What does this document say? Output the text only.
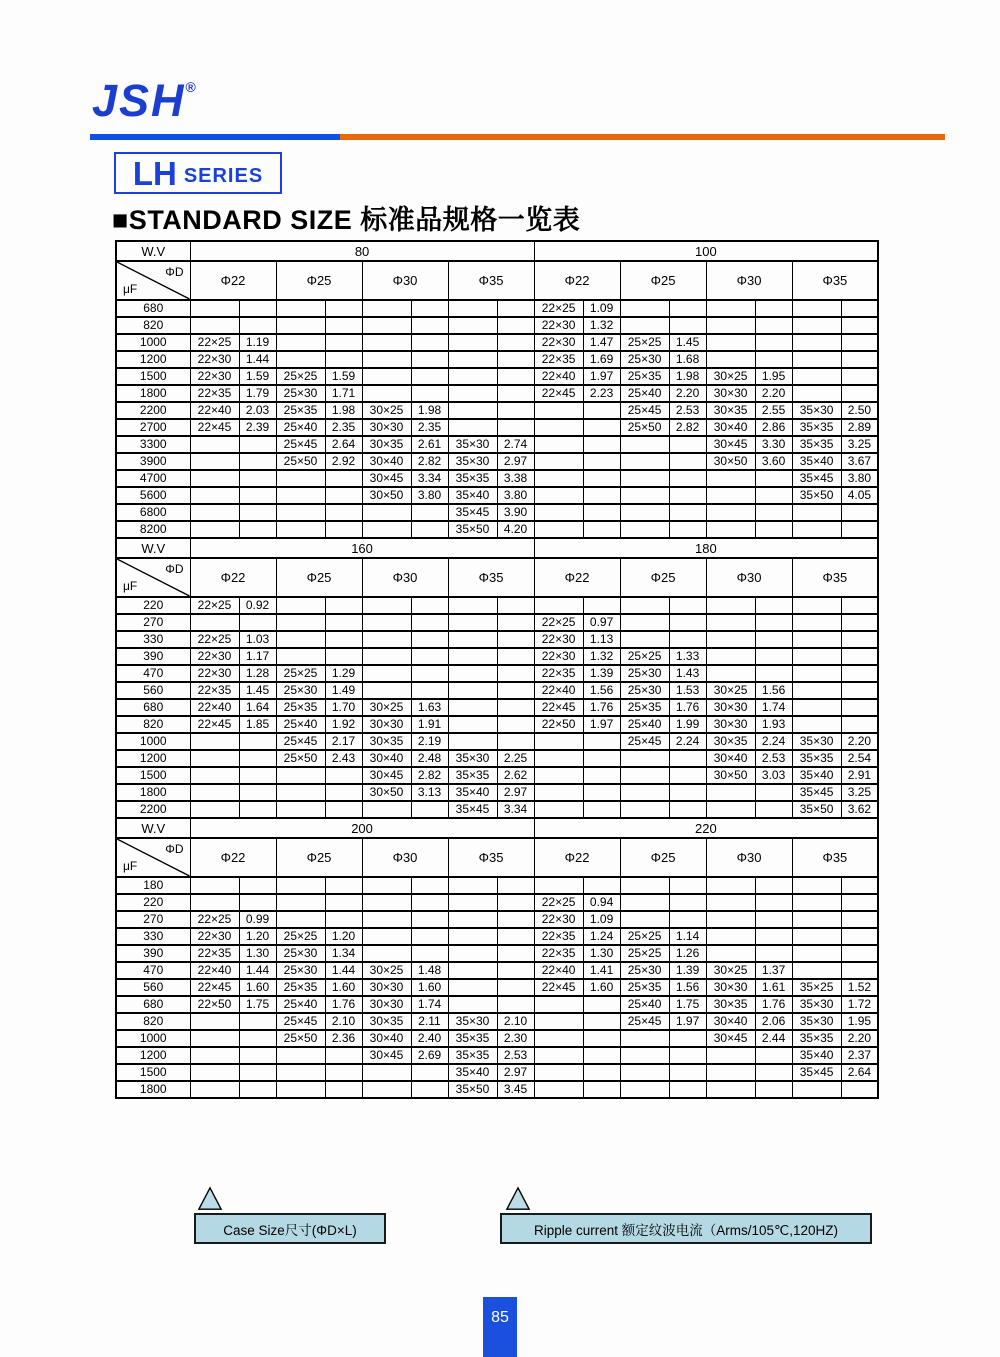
JSH®
LH SERIES
■STANDARD SIZE 标准品规格一览表
W.V	80								100							

ΦD
μF	Φ22		Φ25		Φ30		Φ35		Φ22		Φ25		Φ30		Φ35	
680									22×25	1.09						
820									22×30	1.32						
1000	22×25	1.19							22×30	1.47	25×25	1.45				
1200	22×30	1.44							22×35	1.69	25×30	1.68				
1500	22×30	1.59	25×25	1.59					22×40	1.97	25×35	1.98	30×25	1.95		
1800	22×35	1.79	25×30	1.71					22×45	2.23	25×40	2.20	30×30	2.20		
2200	22×40	2.03	25×35	1.98	30×25	1.98					25×45	2.53	30×35	2.55	35×30	2.50
2700	22×45	2.39	25×40	2.35	30×30	2.35					25×50	2.82	30×40	2.86	35×35	2.89
3300			25×45	2.64	30×35	2.61	35×30	2.74					30×45	3.30	35×35	3.25
3900			25×50	2.92	30×40	2.82	35×30	2.97					30×50	3.60	35×40	3.67
4700					30×45	3.34	35×35	3.38							35×45	3.80
5600					30×50	3.80	35×40	3.80							35×50	4.05
6800							35×45	3.90								
8200							35×50	4.20								
W.V	160								180							

ΦD
μF	Φ22		Φ25		Φ30		Φ35		Φ22		Φ25		Φ30		Φ35	
220	22×25	0.92														
270									22×25	0.97						
330	22×25	1.03							22×30	1.13						
390	22×30	1.17							22×30	1.32	25×25	1.33				
470	22×30	1.28	25×25	1.29					22×35	1.39	25×30	1.43				
560	22×35	1.45	25×30	1.49					22×40	1.56	25×30	1.53	30×25	1.56		
680	22×40	1.64	25×35	1.70	30×25	1.63			22×45	1.76	25×35	1.76	30×30	1.74		
820	22×45	1.85	25×40	1.92	30×30	1.91			22×50	1.97	25×40	1.99	30×30	1.93		
1000			25×45	2.17	30×35	2.19					25×45	2.24	30×35	2.24	35×30	2.20
1200			25×50	2.43	30×40	2.48	35×30	2.25					30×40	2.53	35×35	2.54
1500					30×45	2.82	35×35	2.62					30×50	3.03	35×40	2.91
1800					30×50	3.13	35×40	2.97							35×45	3.25
2200							35×45	3.34							35×50	3.62
W.V	200								220							

ΦD
μF	Φ22		Φ25		Φ30		Φ35		Φ22		Φ25		Φ30		Φ35	
180																
220									22×25	0.94						
270	22×25	0.99							22×30	1.09						
330	22×30	1.20	25×25	1.20					22×35	1.24	25×25	1.14				
390	22×35	1.30	25×30	1.34					22×35	1.30	25×25	1.26				
470	22×40	1.44	25×30	1.44	30×25	1.48			22×40	1.41	25×30	1.39	30×25	1.37		
560	22×45	1.60	25×35	1.60	30×30	1.60			22×45	1.60	25×35	1.56	30×30	1.61	35×25	1.52
680	22×50	1.75	25×40	1.76	30×30	1.74					25×40	1.75	30×35	1.76	35×30	1.72
820			25×45	2.10	30×35	2.11	35×30	2.10			25×45	1.97	30×40	2.06	35×30	1.95
1000			25×50	2.36	30×40	2.40	35×35	2.30					30×45	2.44	35×35	2.20
1200					30×45	2.69	35×35	2.53							35×40	2.37
1500							35×40	2.97							35×45	2.64
1800							35×50	3.45								
Case Size尺寸(ΦD×L)	Ripple current 额定纹波电流（Arms/105℃,120HZ)
85
